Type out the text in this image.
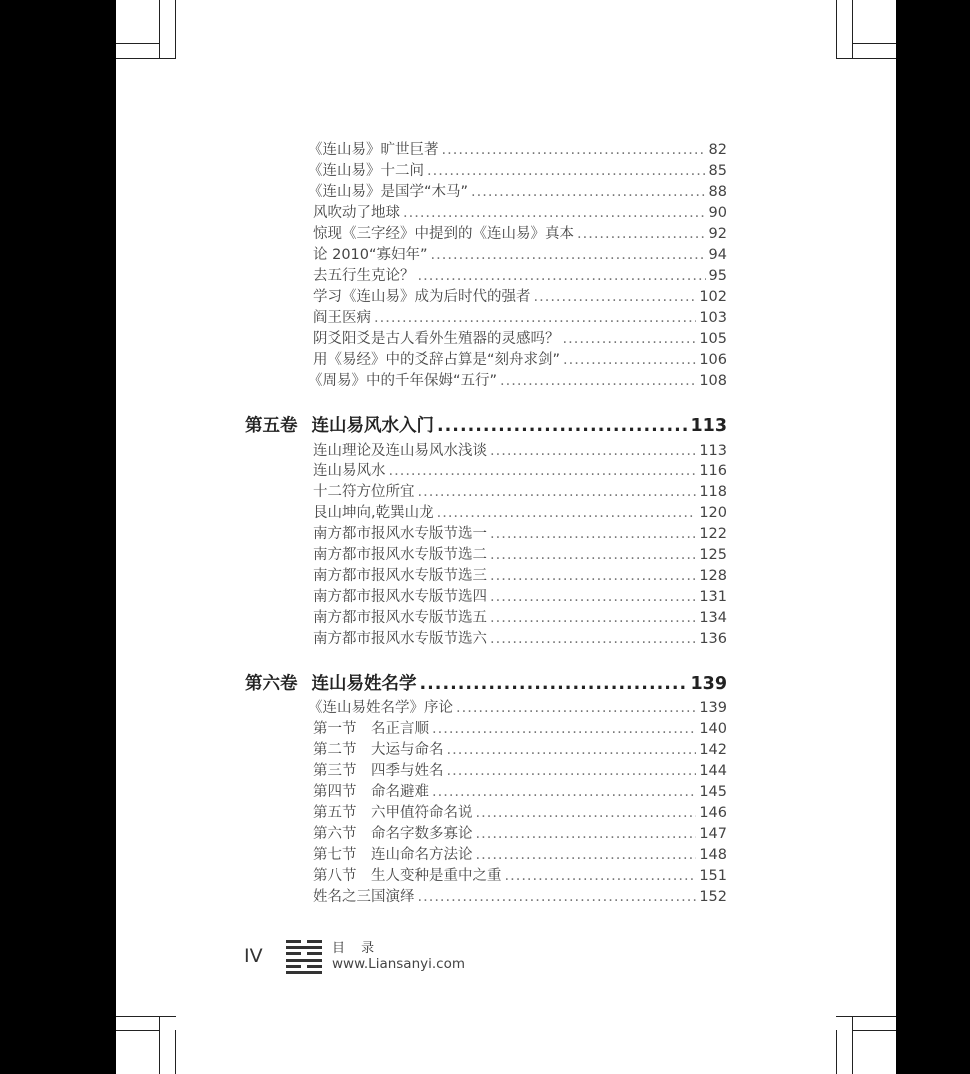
《连山易》旷世巨著 .....	82
《连山易》十二问 .....	85
《连山易》是国学“木马” .....	88
风吹动了地球 .....	90
惊现《三字经》中提到的《连山易》真本 .....	92
论 2010“寡妇年” .....	94
去五行生克论？ .....	95
学习《连山易》成为后时代的强者 .....	102
阎王医病 .....	103
阴爻阳爻是古人看外生殖器的灵感吗？ .....	105
用《易经》中的爻辞占算是“刻舟求剑” .....	106
《周易》中的千年保姆“五行” .....	108
第五卷 连山易风水入门 .....	113
连山理论及连山易风水浅谈 .....	113
连山易风水 .....	116
十二符方位所宜 .....	118
艮山坤向,乾巽山龙 .....	120
南方都市报风水专版节选一 .....	122
南方都市报风水专版节选二 .....	125
南方都市报风水专版节选三 .....	128
南方都市报风水专版节选四 .....	131
南方都市报风水专版节选五 .....	134
南方都市报风水专版节选六 .....	136
第六卷 连山易姓名学 .....	139
《连山易姓名学》序论 .....	139
第一节　名正言顺 .....	140
第二节　大运与命名 .....	142
第三节　四季与姓名 .....	144
第四节　命名避难 .....	145
第五节　六甲值符命名说 .....	146
第六节　命名字数多寡论 .....	147
第七节　连山命名方法论 .....	148
第八节　生人变种是重中之重 .....	151
姓名之三国演绎 .....	152
IV	目 录
www.Liansanyi.com
